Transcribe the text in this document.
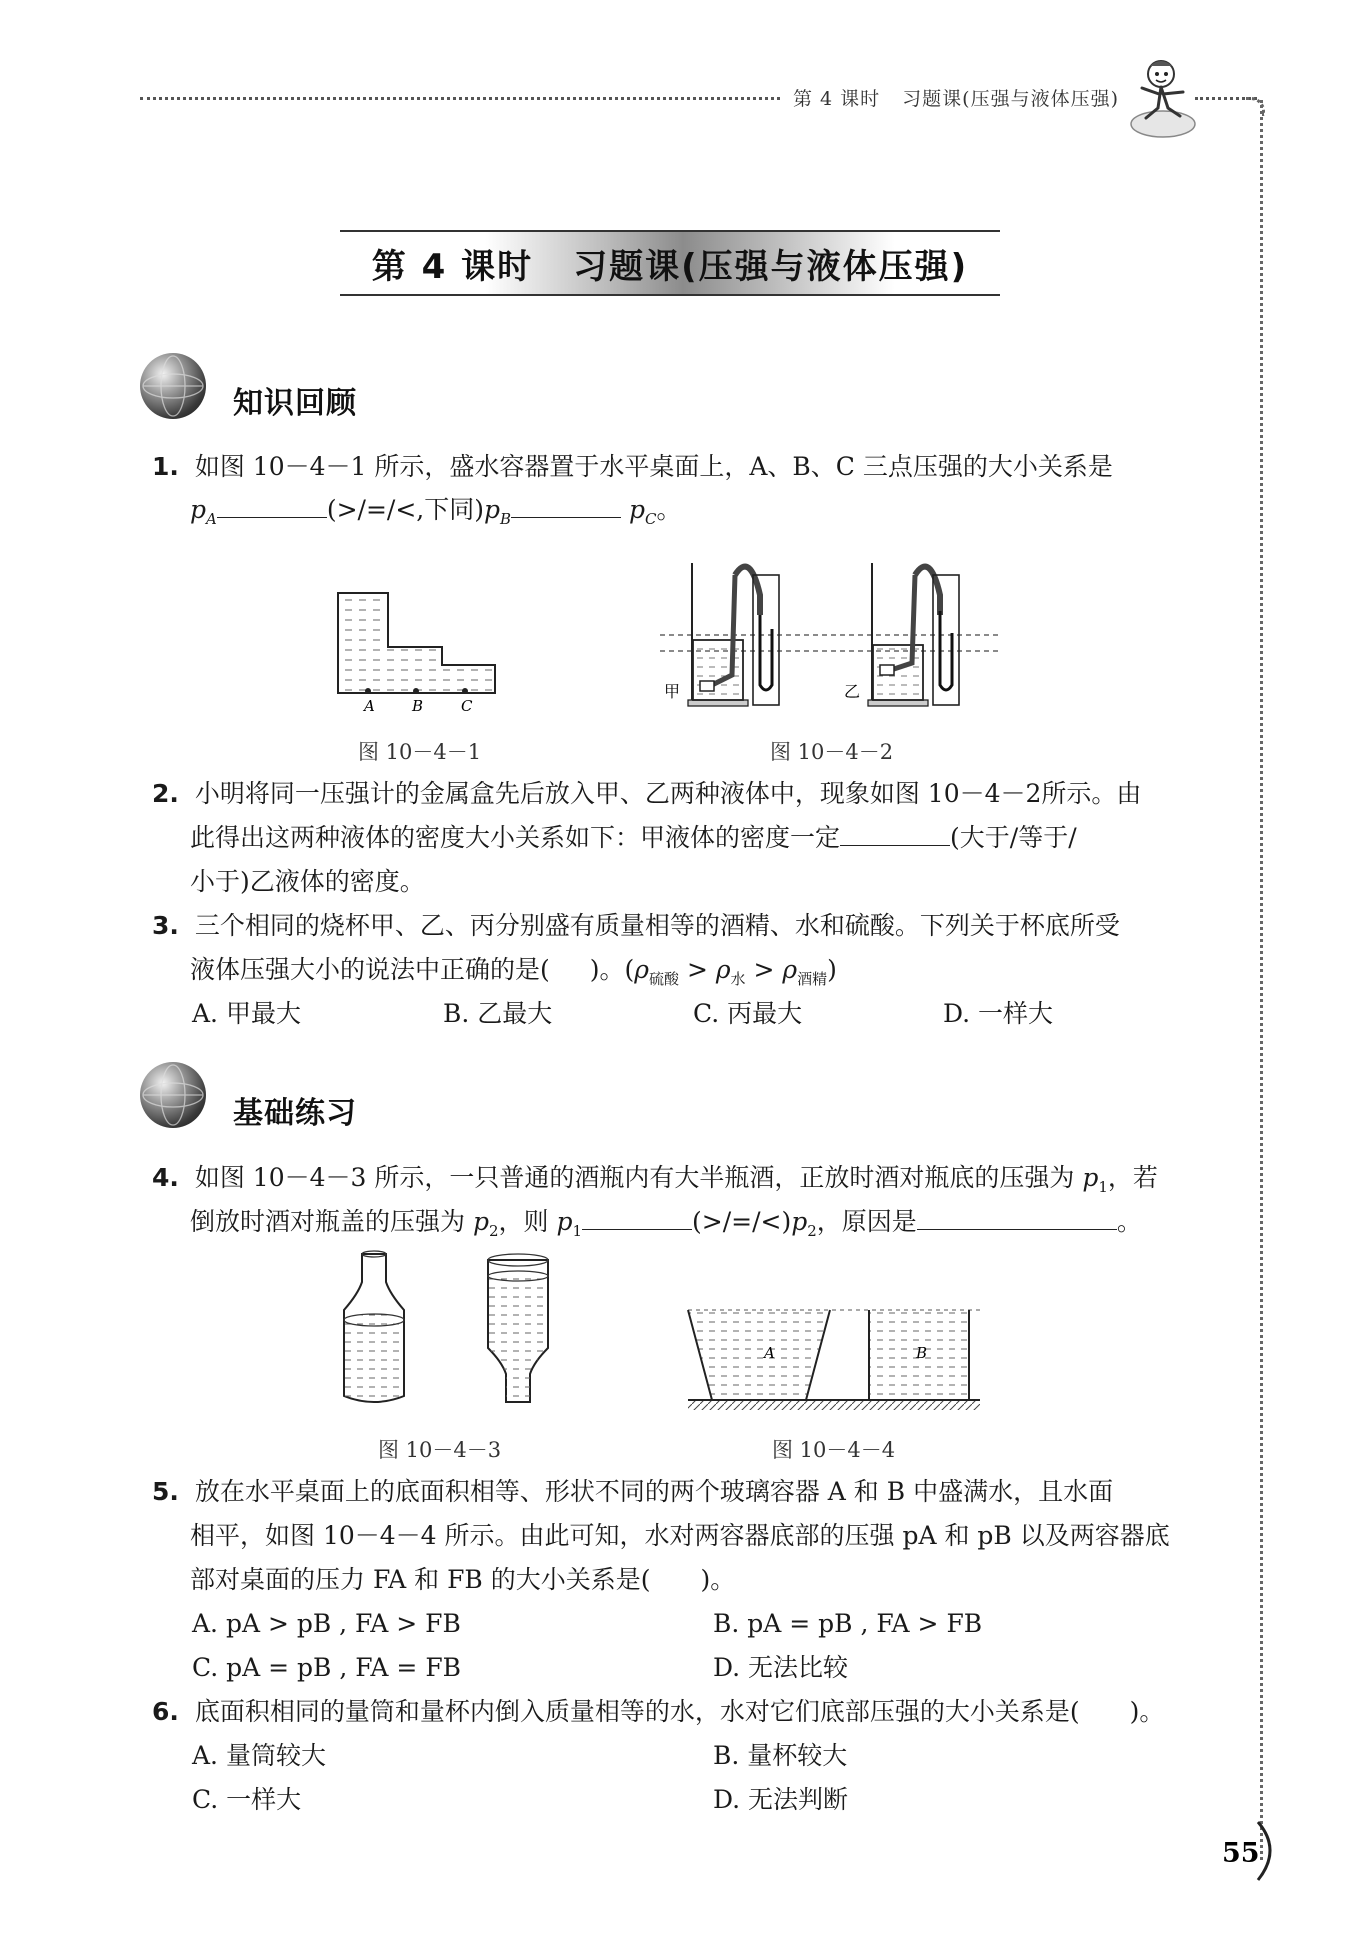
第 4 课时 习题课(压强与液体压强)
第 4 课时 习题课(压强与液体压强)
知识回顾
1. 如图 10－4－1 所示，盛水容器置于水平桌面上，A、B、C 三点压强的大小关系是
$p_A$	(>/=/<,下同)$p_B$	$p_C$。
A B	C
图 10－4－1
甲	乙
图 10－4－2
2. 小明将同一压强计的金属盒先后放入甲、乙两种液体中，现象如图 10－4－2所示。由
此得出这两种液体的密度大小关系如下：甲液体的密度一定	(大于/等于/
小于)乙液体的密度。
3. 三个相同的烧杯甲、乙、丙分别盛有质量相等的酒精、水和硫酸。下列关于杯底所受
液体压强大小的说法中正确的是( )。$(\rho_{硫酸} > \rho_水 > \rho_{酒精})$
A. 甲最大	B. 乙最大	C. 丙最大	D. 一样大
基础练习
4. 如图 10－4－3 所示，一只普通的酒瓶内有大半瓶酒，正放时酒对瓶底的压强为 $p_1$，若
倒放时酒对瓶盖的压强为 $p_2$，则 $p_1$	$(>/=/<)p_2$，原因是	。
图 10－4－3
A	B
图 10－4－4
5. 放在水平桌面上的底面积相等、形状不同的两个玻璃容器 A 和 B 中盛满水，且水面
相平，如图 10－4－4 所示。由此可知，水对两容器底部的压强 pA 和 pB 以及两容器底
部对桌面的压力 FA 和 FB 的大小关系是( )。
A. pA > pB , FA > FB	B. pA = pB , FA > FB
C. pA = pB , FA = FB	D. 无法比较
6. 底面积相同的量筒和量杯内倒入质量相等的水，水对它们底部压强的大小关系是( )。
A. 量筒较大	B. 量杯较大
C. 一样大	D. 无法判断
55
